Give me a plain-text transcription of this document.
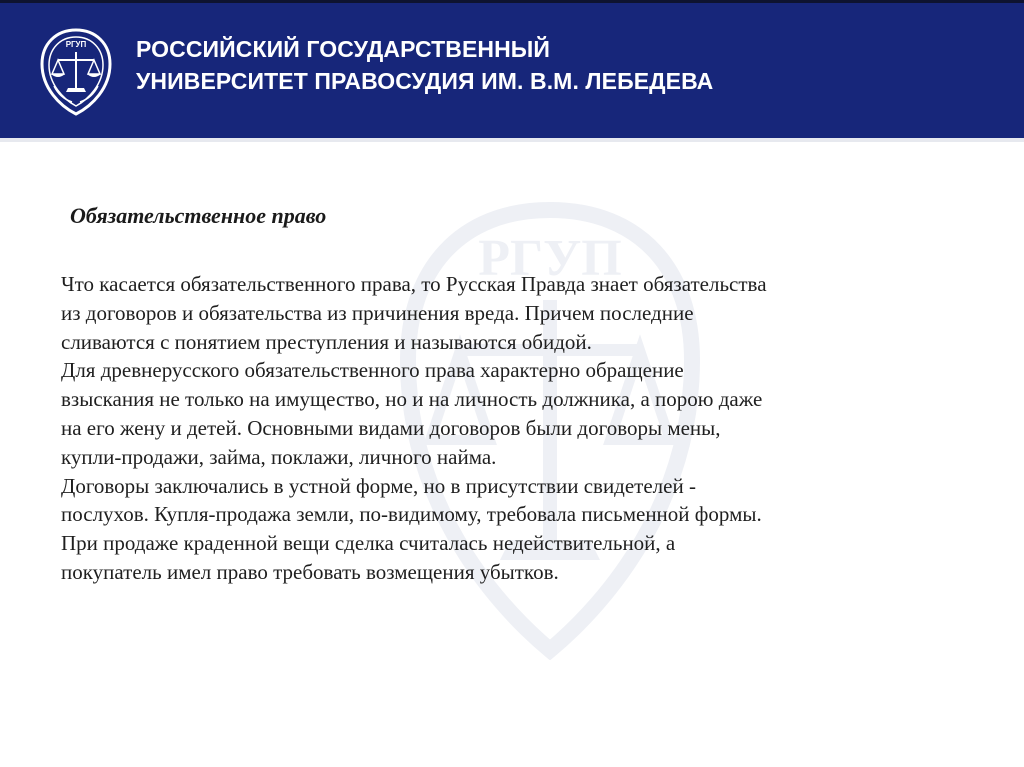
РГУП РОССИЙСКИЙ ГОСУДАРСТВЕННЫЙ
УНИВЕРСИТЕТ ПРАВОСУДИЯ ИМ. В.М. ЛЕБЕДЕВА
РГУП
Обязательственное право
Что касается обязательственного права, то Русская Правда знает обязательства
из договоров и обязательства из причинения вреда. Причем последние
сливаются с понятием преступления и называются обидой.
Для древнерусского обязательственного права характерно обращение
взыскания не только на имущество, но и на личность должника, а порою даже
на его жену и детей. Основными видами договоров были договоры мены,
купли-продажи, займа, поклажи, личного найма.
Договоры заключались в устной форме, но в присутствии свидетелей -
послухов. Купля-продажа земли, по-видимому, требовала письменной формы.
При продаже краденной вещи сделка считалась недействительной, а
покупатель имел право требовать возмещения убытков.
